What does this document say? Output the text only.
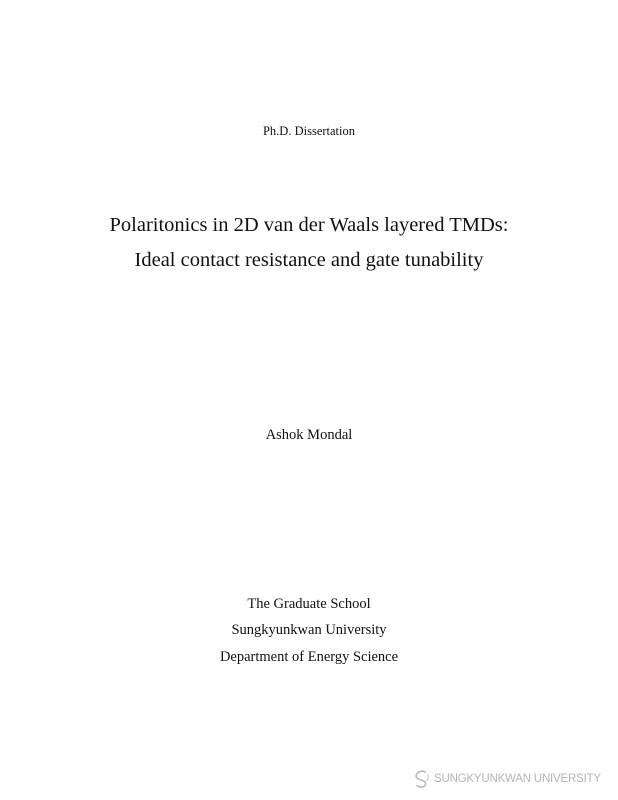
Ph.D. Dissertation
Polaritonics in 2D van der Waals layered TMDs:
Ideal contact resistance and gate tunability
Ashok Mondal
The Graduate School
Sungkyunkwan University
Department of Energy Science
SUNGKYUNKWAN UNIVERSITY
